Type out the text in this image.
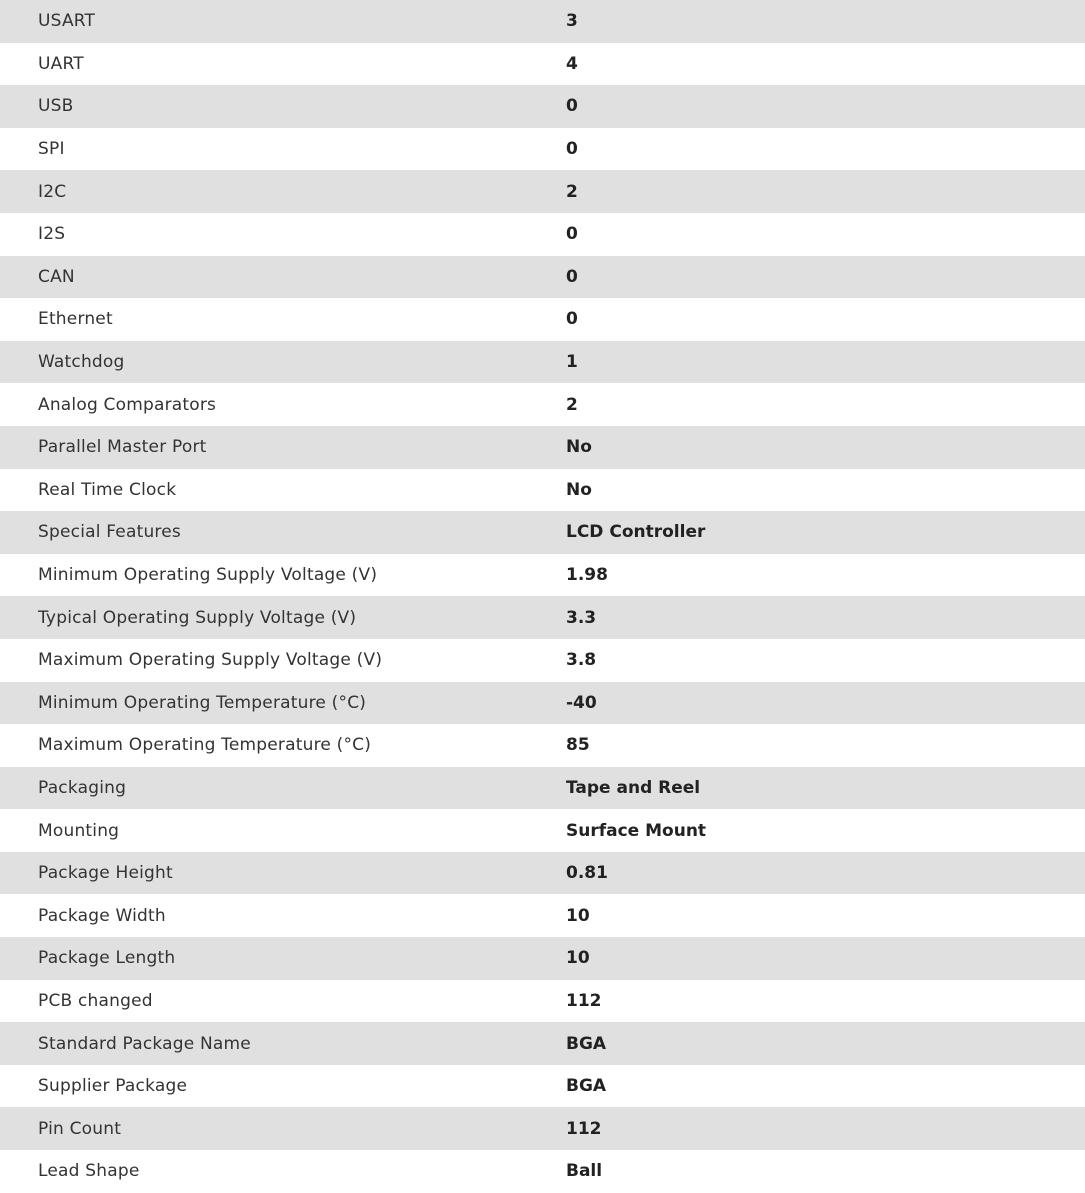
USART	3
UART	4
USB	0
SPI	0
I2C	2
I2S	0
CAN	0
Ethernet	0
Watchdog	1
Analog Comparators	2
Parallel Master Port	No
Real Time Clock	No
Special Features	LCD Controller
Minimum Operating Supply Voltage (V)	1.98
Typical Operating Supply Voltage (V)	3.3
Maximum Operating Supply Voltage (V)	3.8
Minimum Operating Temperature (°C)	-40
Maximum Operating Temperature (°C)	85
Packaging	Tape and Reel
Mounting	Surface Mount
Package Height	0.81
Package Width	10
Package Length	10
PCB changed	112
Standard Package Name	BGA
Supplier Package	BGA
Pin Count	112
Lead Shape	Ball
